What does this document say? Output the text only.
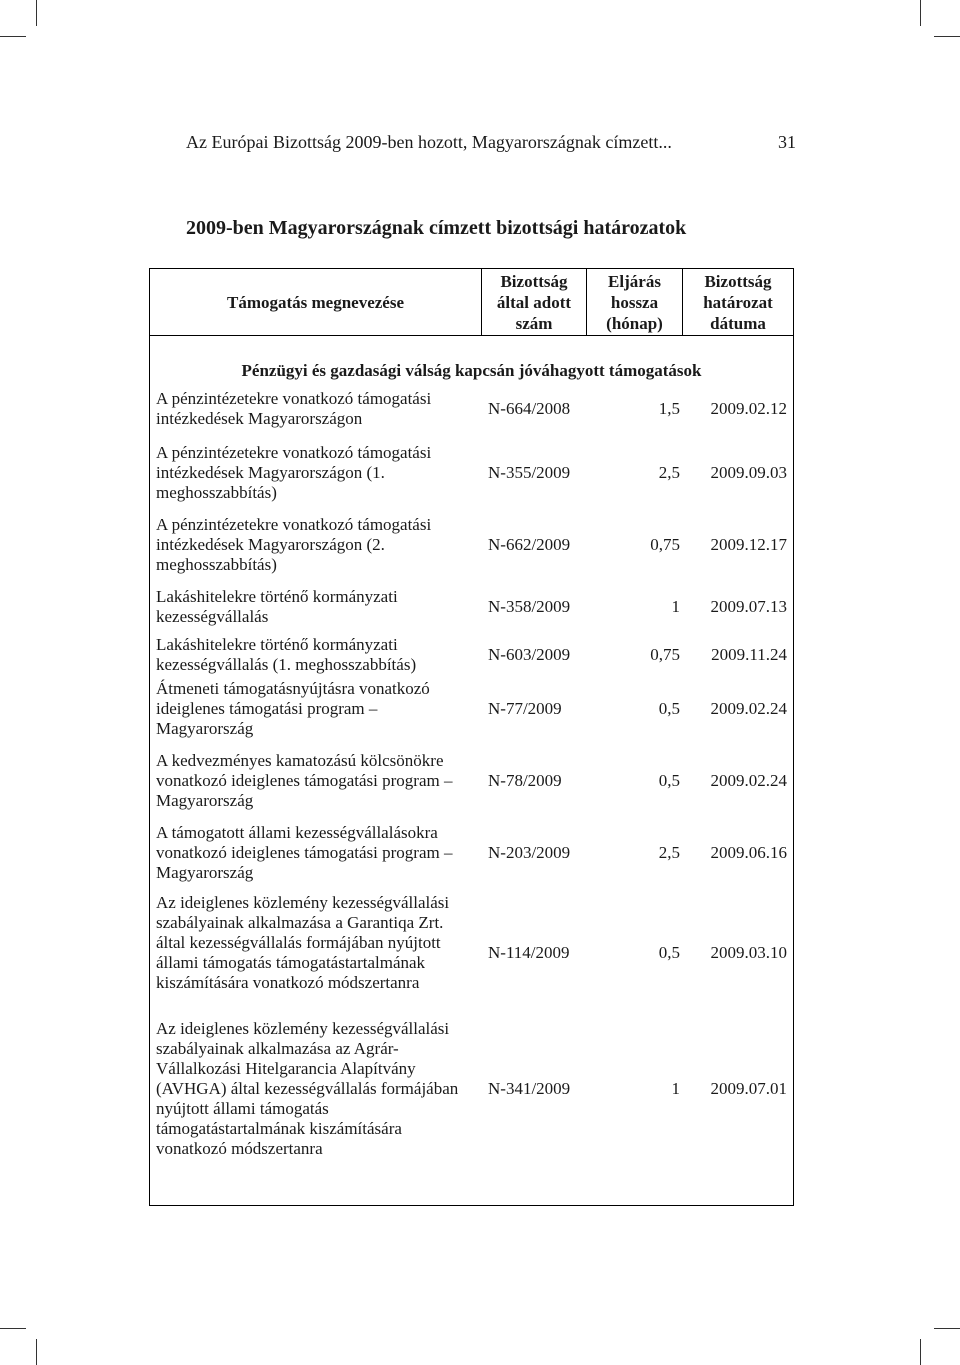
Az Európai Bizottság 2009-ben hozott, Magyarországnak címzett...	31
2009-ben Magyarországnak címzett bizottsági határozatok
Támogatás megnevezése
Bizottság által adott szám
Eljárás hossza (hónap)
Bizottság határozat dátuma
Pénzügyi és gazdasági válság kapcsán jóváhagyott támogatások
A pénzintézetekre vonatkozó támogatási intézkedések Magyarországon
N-664/2008	1,5 2009.02.12
A pénzintézetekre vonatkozó támogatási intézkedések Magyarországon (1. meghosszabbítás)
N-355/2009	2,5 2009.09.03
A pénzintézetekre vonatkozó támogatási intézkedések Magyarországon (2. meghosszabbítás)
N-662/2009	0,75 2009.12.17
Lakáshitelekre történő kormányzati kezességvállalás
N-358/2009	1 2009.07.13
Lakáshitelekre történő kormányzati kezességvállalás (1. meghosszabbítás)
N-603/2009	0,75 2009.11.24
Átmeneti támogatásnyújtásra vonatkozó ideiglenes támogatási program – Magyarország
N-77/2009	0,5 2009.02.24
A kedvezményes kamatozású kölcsönökre vonatkozó ideiglenes támogatási program – Magyarország
N-78/2009	0,5 2009.02.24
A támogatott állami kezességvállalásokra vonatkozó ideiglenes támogatási program – Magyarország
N-203/2009	2,5 2009.06.16
Az ideiglenes közlemény kezességvállalási szabályainak alkalmazása a Garantiqa Zrt. által kezességvállalás formájában nyújtott állami támogatás támogatástartalmának kiszámítására vonatkozó módszertanra
N-114/2009	0,5 2009.03.10
Az ideiglenes közlemény kezességvállalási szabályainak alkalmazása az Agrár-Vállalkozási Hitelgarancia Alapítvány (AVHGA) által kezességvállalás formájában nyújtott állami támogatás támogatástartalmának kiszámítására vonatkozó módszertanra
N-341/2009	1 2009.07.01
